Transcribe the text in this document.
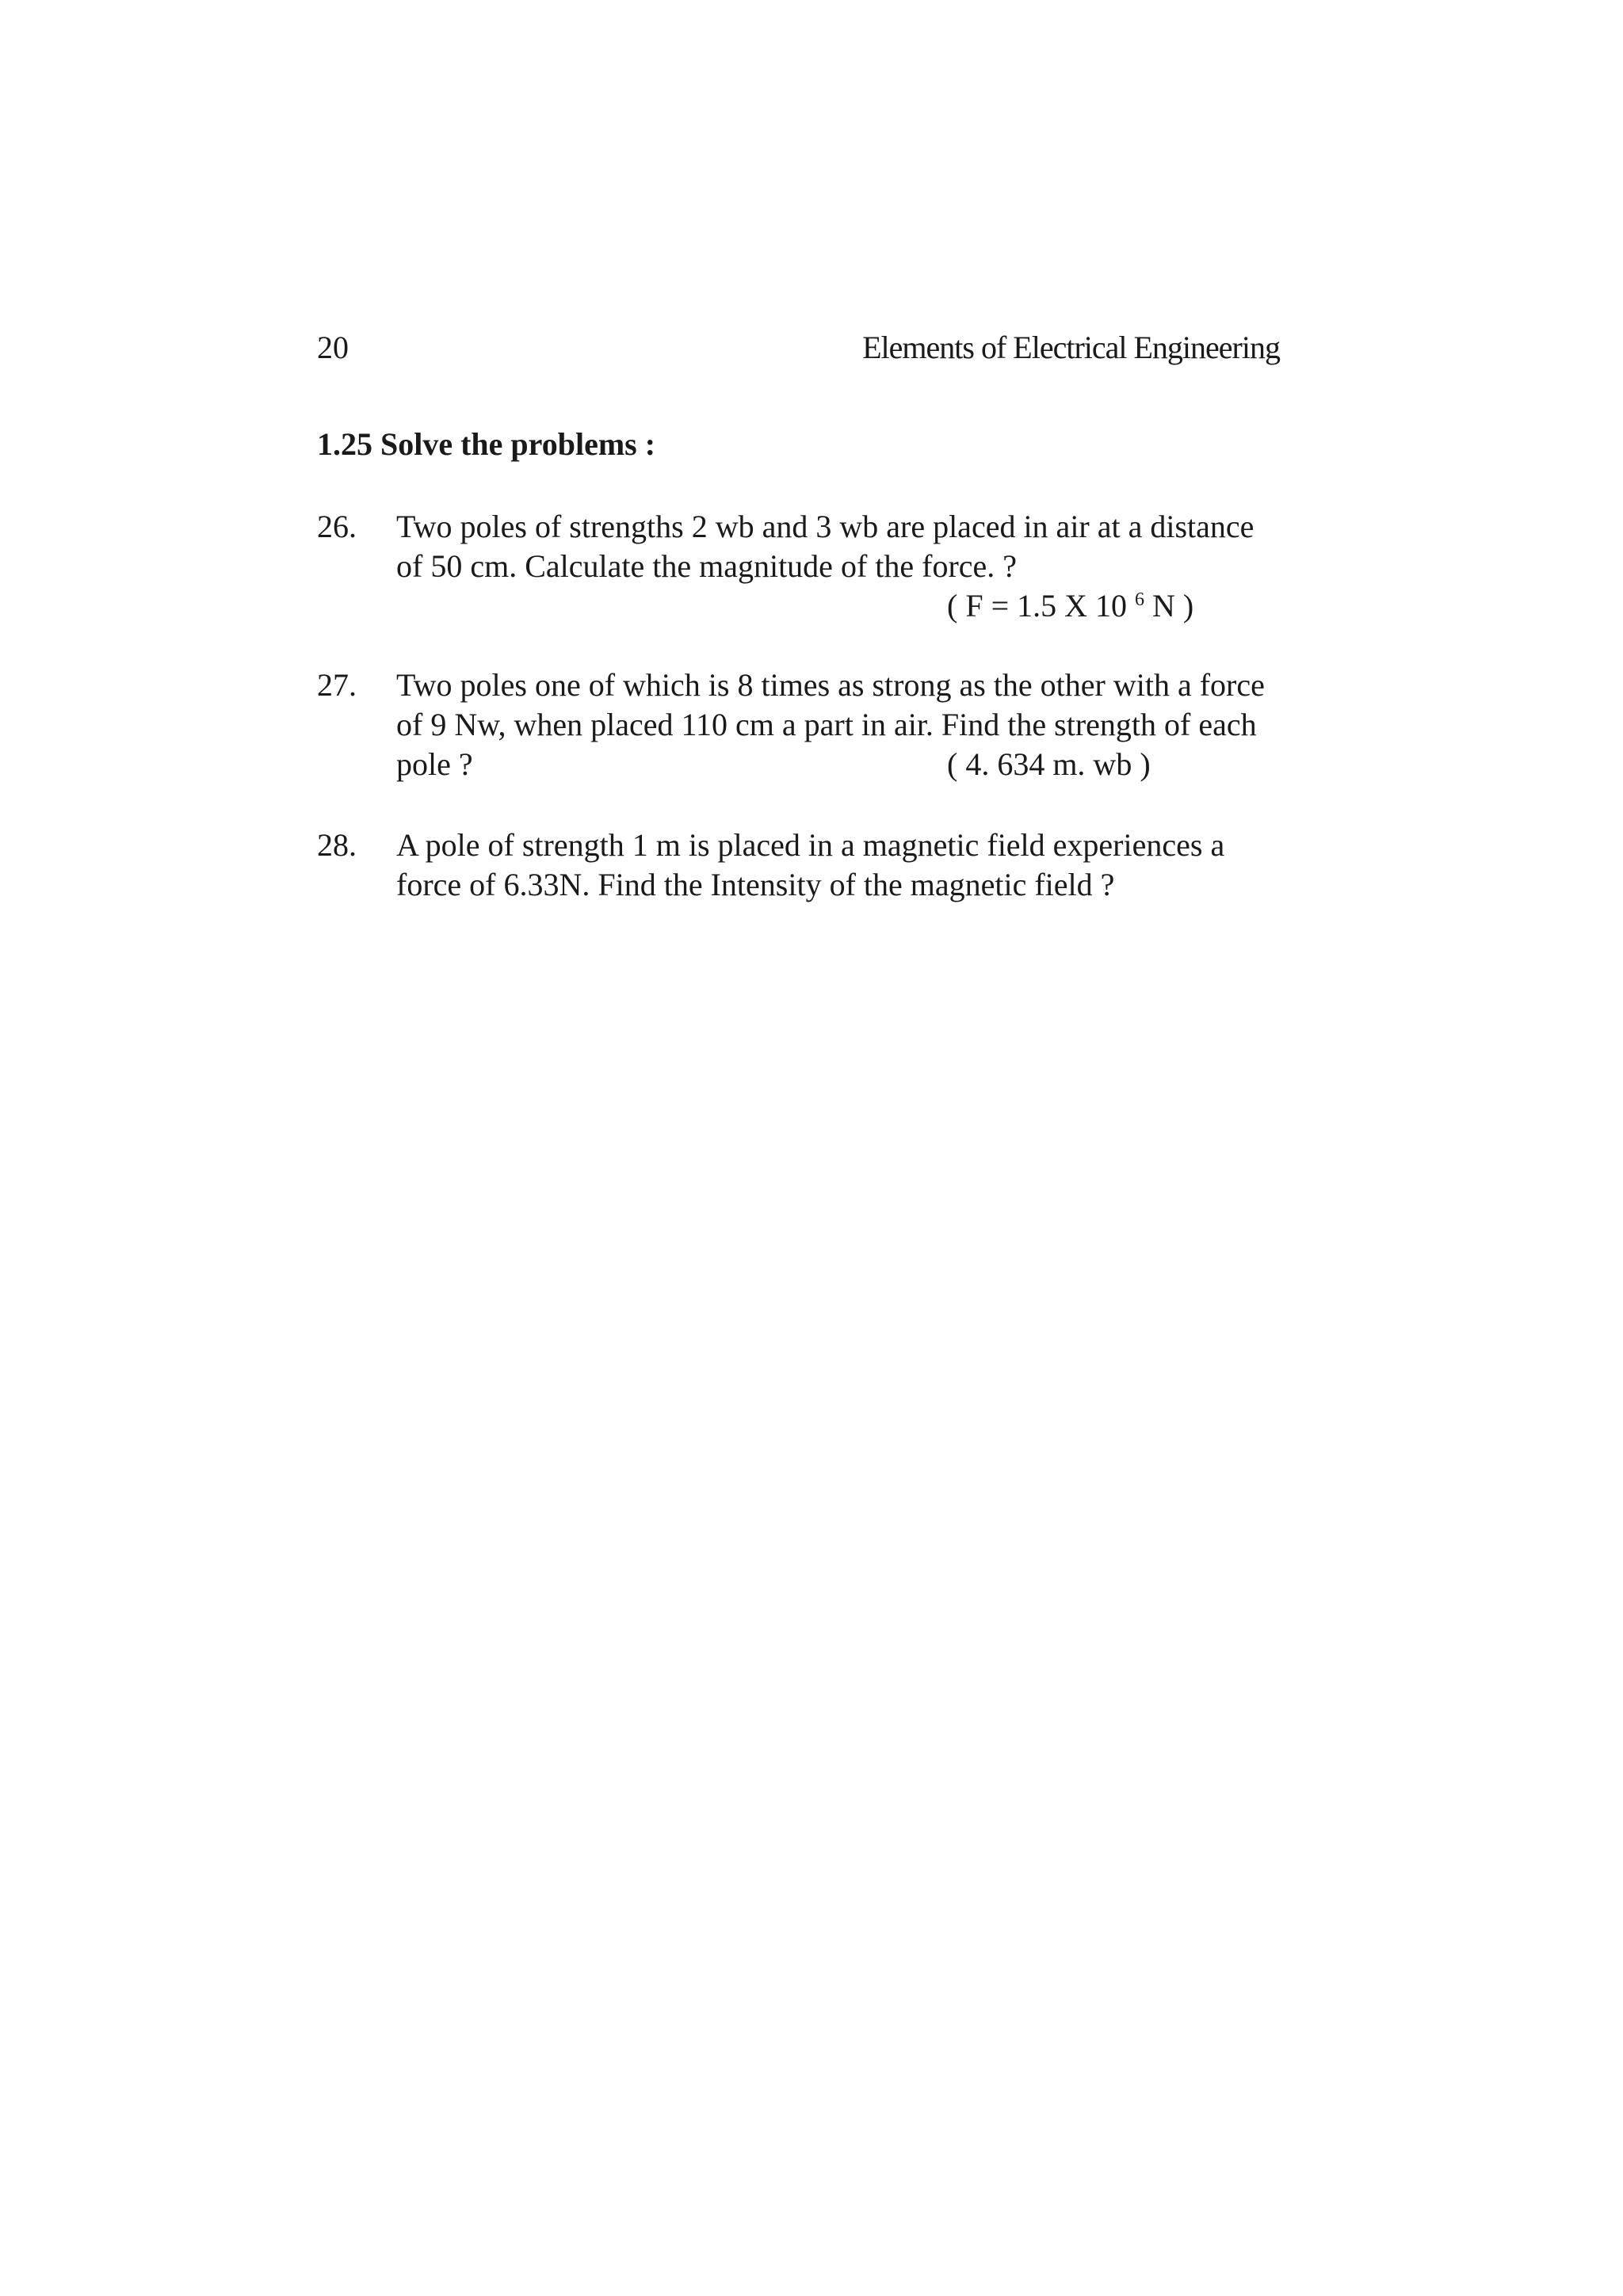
20	Elements of Electrical Engineering
1.25 Solve the problems :
26. Two poles of strengths 2 wb and 3 wb are placed in air at a distance
of 50 cm. Calculate the magnitude of the force. ?
( F = 1.5 X 10 $^6$ N )
27. Two poles one of which is 8 times as strong as the other with a force
of 9 Nw, when placed 110 cm a part in air. Find the strength of each
pole ?	( 4. 634 m. wb )
28. A pole of strength 1 m is placed in a magnetic field experiences a
force of 6.33N. Find the Intensity of the magnetic field ?
